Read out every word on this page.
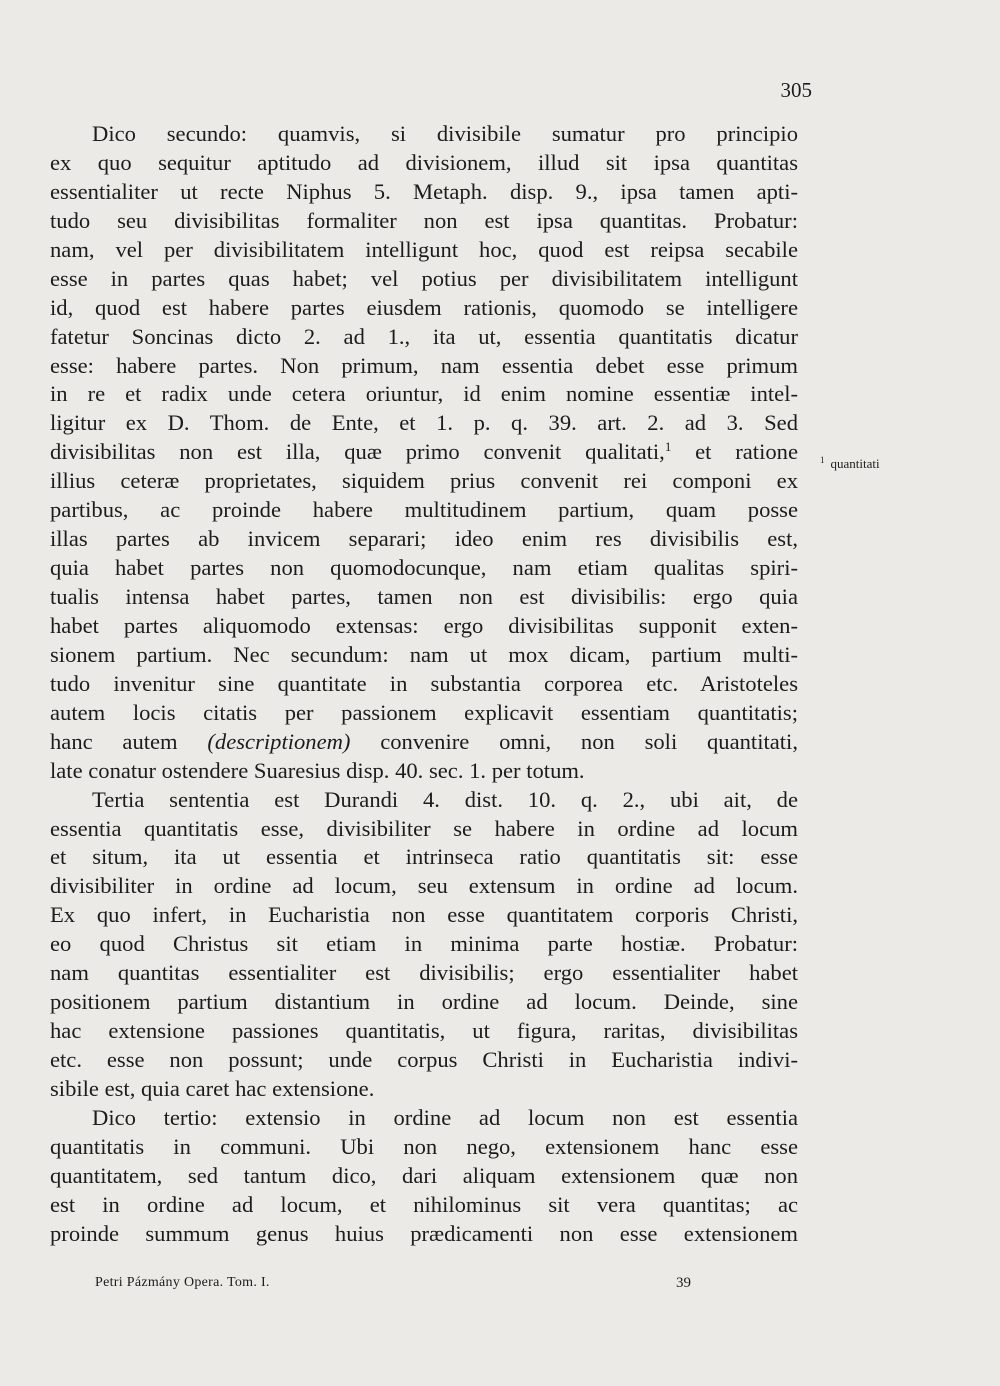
305
Dico secundo: quamvis, si divisibile sumatur pro principio
ex quo sequitur aptitudo ad divisionem, illud sit ipsa quantitas
essentialiter ut recte Niphus 5. Metaph. disp. 9., ipsa tamen apti-
tudo seu divisibilitas formaliter non est ipsa quantitas. Probatur:
nam, vel per divisibilitatem intelligunt hoc, quod est reipsa secabile
esse in partes quas habet; vel potius per divisibilitatem intelligunt
id, quod est habere partes eiusdem rationis, quomodo se intelligere
fatetur Soncinas dicto 2. ad 1., ita ut, essentia quantitatis dicatur
esse: habere partes. Non primum, nam essentia debet esse primum
in re et radix unde cetera oriuntur, id enim nomine essentiæ intel-
ligitur ex D. Thom. de Ente, et 1. p. q. 39. art. 2. ad 3. Sed
divisibilitas non est illa, quæ primo convenit qualitati,$^1$ et ratione
illius ceteræ proprietates, siquidem prius convenit rei componi ex
partibus, ac proinde habere multitudinem partium, quam posse
illas partes ab invicem separari; ideo enim res divisibilis est,
quia habet partes non quomodocunque, nam etiam qualitas spiri-
tualis intensa habet partes, tamen non est divisibilis: ergo quia
habet partes aliquomodo extensas: ergo divisibilitas supponit exten-
sionem partium. Nec secundum: nam ut mox dicam, partium multi-
tudo invenitur sine quantitate in substantia corporea etc. Aristoteles
autem locis citatis per passionem explicavit essentiam quantitatis;
hanc autem (descriptionem) convenire omni, non soli quantitati,
late conatur ostendere Suaresius disp. 40. sec. 1. per totum.
Tertia sententia est Durandi 4. dist. 10. q. 2., ubi ait, de
essentia quantitatis esse, divisibiliter se habere in ordine ad locum
et situm, ita ut essentia et intrinseca ratio quantitatis sit: esse
divisibiliter in ordine ad locum, seu extensum in ordine ad locum.
Ex quo infert, in Eucharistia non esse quantitatem corporis Christi,
eo quod Christus sit etiam in minima parte hostiæ. Probatur:
nam quantitas essentialiter est divisibilis; ergo essentialiter habet
positionem partium distantium in ordine ad locum. Deinde, sine
hac extensione passiones quantitatis, ut figura, raritas, divisibilitas
etc. esse non possunt; unde corpus Christi in Eucharistia indivi-
sibile est, quia caret hac extensione.
Dico tertio: extensio in ordine ad locum non est essentia
quantitatis in communi. Ubi non nego, extensionem hanc esse
quantitatem, sed tantum dico, dari aliquam extensionem quæ non
est in ordine ad locum, et nihilominus sit vera quantitas; ac
proinde summum genus huius prædicamenti non esse extensionem
$^1$ quantitati
Petri Pázmány Opera. Tom. I.	39
